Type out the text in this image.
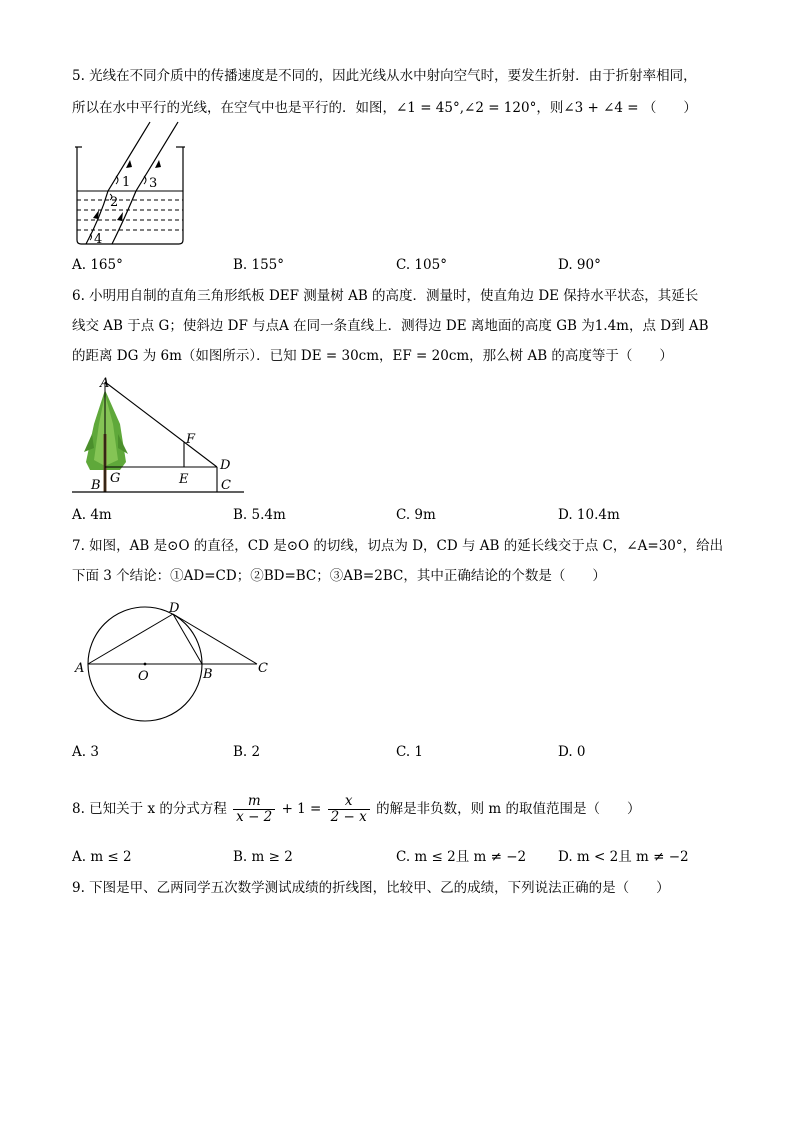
5. 光线在不同介质中的传播速度是不同的，因此光线从水中射向空气时，要发生折射．由于折射率相同，
所以在水中平行的光线，在空气中也是平行的．如图，∠1 = 45°,∠2 = 120°，则∠3 + ∠4 = （　　）
1
2
3
4
A. 165°	B. 155°	C. 105°	D. 90°
6. 小明用自制的直角三角形纸板 DEF 测量树 AB 的高度．测量时，使直角边 DE 保持水平状态，其延长
线交 AB 于点 G；使斜边 DF 与点A 在同一条直线上．测得边 DE 离地面的高度 GB 为1.4m，点 D到 AB
的距离 DG 为 6m（如图所示）．已知 DE = 30cm，EF = 20cm，那么树 AB 的高度等于（　　）
A
F
D
G	E
B	C
A. 4m	B. 5.4m	C. 9m	D. 10.4m
7. 如图，AB 是⊙O 的直径，CD 是⊙O 的切线，切点为 D，CD 与 AB 的延长线交于点 C，∠A=30°，给出
下面 3 个结论：①AD=CD；②BD=BC；③AB=2BC，其中正确结论的个数是（　　）
D
A
O	B	C
A. 3	B. 2	C. 1	D. 0
8. 已知关于 x 的分式方程 $\frac{m}{x - 2} + 1 = \frac{x}{2 - x}$ 的解是非负数，则 m 的取值范围是（　　）
A. m ≤ 2	B. m ≥ 2	C. m ≤ 2且 m ≠ −2 D. m < 2且 m ≠ −2
9. 下图是甲、乙两同学五次数学测试成绩的折线图，比较甲、乙的成绩，下列说法正确的是（　　）
